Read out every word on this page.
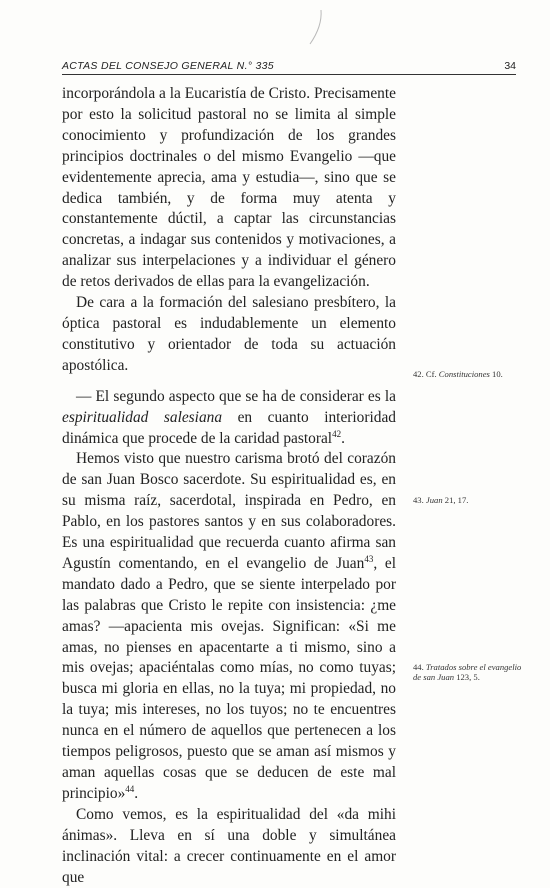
ACTAS DEL CONSEJO GENERAL N.° 335	34

incorporándola a la Eucaristía de Cristo. Precisamente por esto la solicitud pastoral no se limita al simple conocimiento y profundización de los grandes principios doctrinales o del mismo Evangelio —que evidentemente aprecia, ama y estudia—, sino que se dedica también, y de forma muy atenta y constantemente dúctil, a captar las circunstancias concretas, a indagar sus contenidos y motivaciones, a analizar sus interpelaciones y a individuar el género de retos derivados de ellas para la evangelización.

De cara a la formación del salesiano presbítero, la óptica pastoral es indudablemente un elemento constitutivo y orientador de toda su actuación apostólica.

— El segundo aspecto que se ha de considerar es la espiritualidad salesiana en cuanto interioridad dinámica que procede de la caridad pastoral$^{42}$.

Hemos visto que nuestro carisma brotó del corazón de san Juan Bosco sacerdote. Su espiritualidad es, en su misma raíz, sacerdotal, inspirada en Pedro, en Pablo, en los pastores santos y en sus colaboradores. Es una espiritualidad que recuerda cuanto afirma san Agustín comentando, en el evangelio de Juan$^{43}$, el mandato dado a Pedro, que se siente interpelado por las palabras que Cristo le repite con insistencia: ¿me amas? —apacienta mis ovejas. Significan: «Si me amas, no pienses en apacentarte a ti mismo, sino a mis ovejas; apaciéntalas como mías, no como tuyas; busca mi gloria en ellas, no la tuya; mi propiedad, no la tuya; mis intereses, no los tuyos; no te encuentres nunca en el número de aquellos que pertenecen a los tiempos peligrosos, puesto que se aman así mismos y aman aquellas cosas que se deducen de este mal principio»$^{44}$.

Como vemos, es la espiritualidad del «da mihi ánimas». Lleva en sí una doble y simultánea inclinación vital: a crecer continuamente en el amor que

42. Cf. Constituciones 10.
43. Juan 21, 17.
44. Tratados sobre el evangelio de san Juan 123, 5.
